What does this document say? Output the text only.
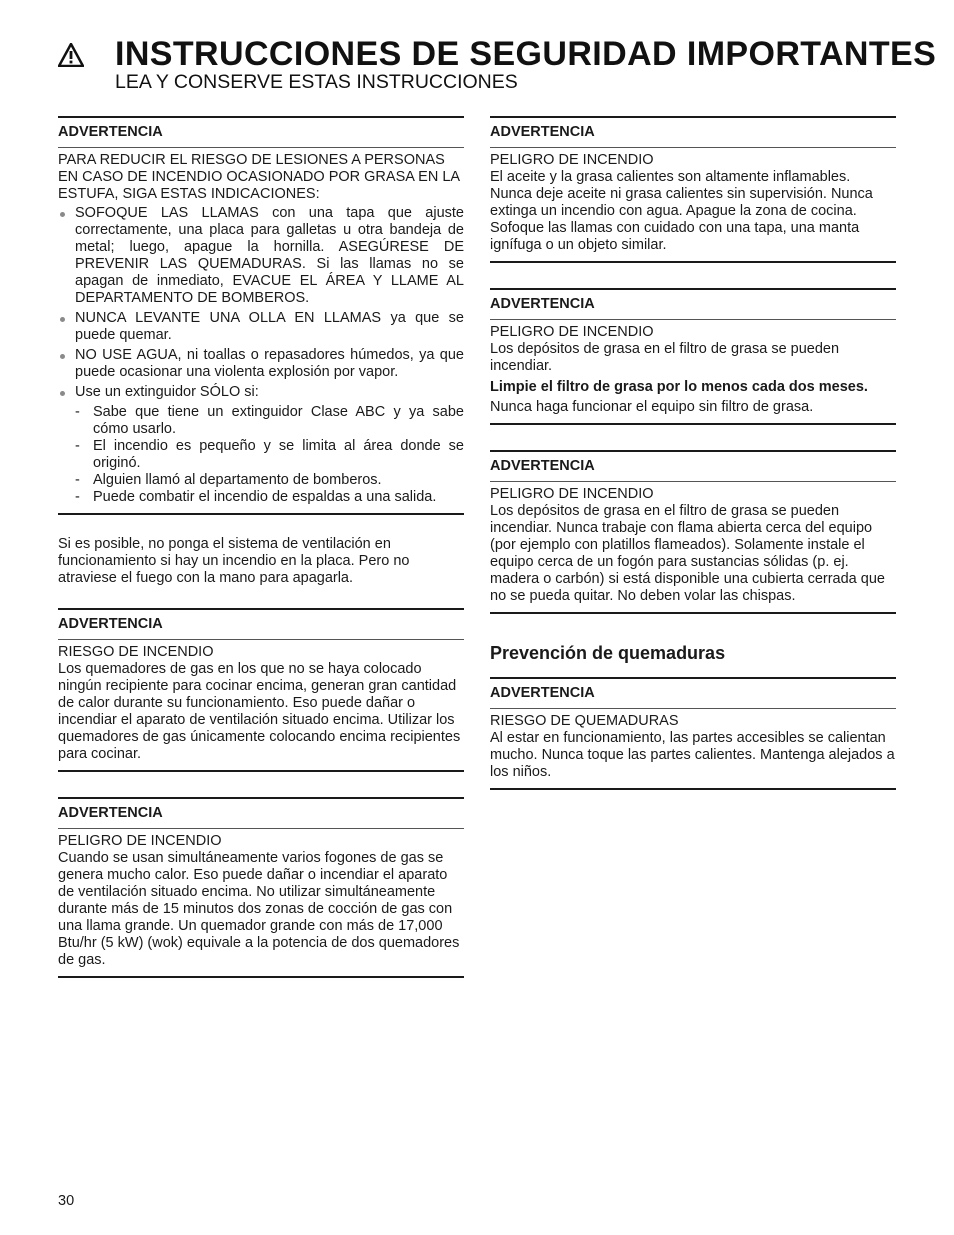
INSTRUCCIONES DE SEGURIDAD IMPORTANTES
LEA Y CONSERVE ESTAS INSTRUCCIONES
ADVERTENCIA

PARA REDUCIR EL RIESGO DE LESIONES A PERSONAS EN CASO DE INCENDIO OCASIONADO POR GRASA EN LA ESTUFA, SIGA ESTAS INDICACIONES:

SOFOQUE LAS LLAMAS con una tapa que ajuste correctamente, una placa para galletas u otra bandeja de metal; luego, apague la hornilla. ASEGÚRESE DE PREVENIR LAS QUEMADURAS. Si las llamas no se apagan de inmediato, EVACUE EL ÁREA Y LLAME AL DEPARTAMENTO DE BOMBEROS.
NUNCA LEVANTE UNA OLLA EN LLAMAS ya que se puede quemar.
NO USE AGUA, ni toallas o repasadores húmedos, ya que puede ocasionar una violenta explosión por vapor.
Use un extinguidor SÓLO si:
- Sabe que tiene un extinguidor Clase ABC y ya sabe cómo usarlo.
- El incendio es pequeño y se limita al área donde se originó.
- Alguien llamó al departamento de bomberos.
- Puede combatir el incendio de espaldas a una salida.

Si es posible, no ponga el sistema de ventilación en funcionamiento si hay un incendio en la placa. Pero no atraviese el fuego con la mano para apagarla.

ADVERTENCIA

RIESGO DE INCENDIO

Los quemadores de gas en los que no se haya colocado ningún recipiente para cocinar encima, generan gran cantidad de calor durante su funcionamiento. Eso puede dañar o incendiar el aparato de ventilación situado encima. Utilizar los quemadores de gas únicamente colocando encima recipientes para cocinar.

ADVERTENCIA

PELIGRO DE INCENDIO

Cuando se usan simultáneamente varios fogones de gas se genera mucho calor. Eso puede dañar o incendiar el aparato de ventilación situado encima. No utilizar simultáneamente durante más de 15 minutos dos zonas de cocción de gas con una llama grande. Un quemador grande con más de 17,000 Btu/hr (5 kW) (wok) equivale a la potencia de dos quemadores de gas.

ADVERTENCIA

PELIGRO DE INCENDIO

El aceite y la grasa calientes son altamente inflamables. Nunca deje aceite ni grasa calientes sin supervisión. Nunca extinga un incendio con agua. Apague la zona de cocina. Sofoque las llamas con cuidado con una tapa, una manta ignífuga o un objeto similar.

ADVERTENCIA

PELIGRO DE INCENDIO

Los depósitos de grasa en el filtro de grasa se pueden incendiar.

Limpie el filtro de grasa por lo menos cada dos meses.

Nunca haga funcionar el equipo sin filtro de grasa.

ADVERTENCIA

PELIGRO DE INCENDIO

Los depósitos de grasa en el filtro de grasa se pueden incendiar. Nunca trabaje con flama abierta cerca del equipo (por ejemplo con platillos flameados). Solamente instale el equipo cerca de un fogón para sustancias sólidas (p. ej. madera o carbón) si está disponible una cubierta cerrada que no se pueda quitar. No deben volar las chispas.

Prevención de quemaduras
ADVERTENCIA

RIESGO DE QUEMADURAS

Al estar en funcionamiento, las partes accesibles se calientan mucho. Nunca toque las partes calientes. Mantenga alejados a los niños.

30
